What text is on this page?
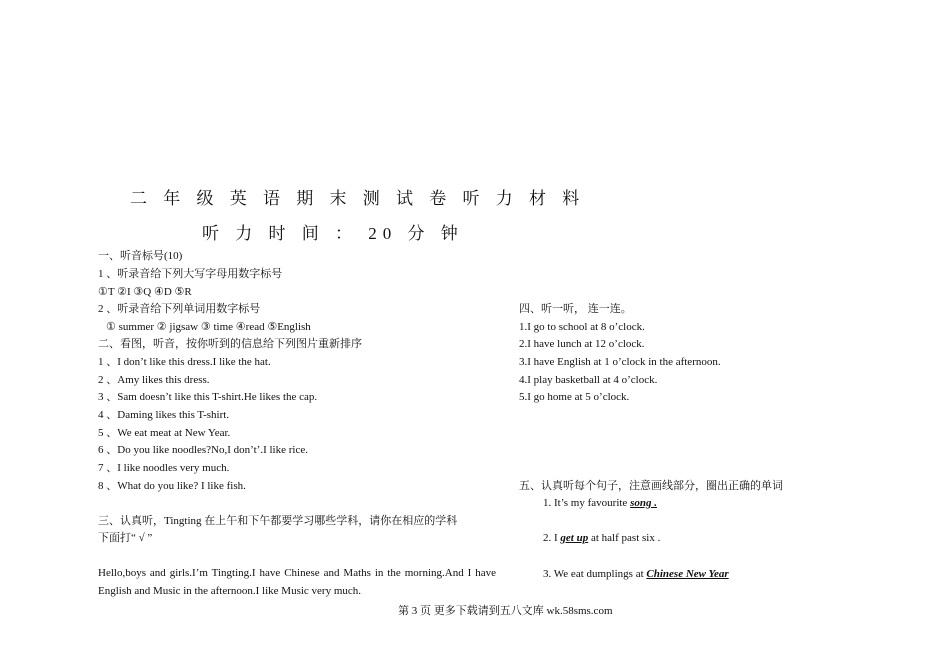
二 年 级 英 语 期 末 测 试 卷 听 力 材 料
听 力 时 间 ： 20 分 钟
一、听音标号(10)
1 、听录音给下列大写字母用数字标号
①T ②I ③Q ④D ⑤R
2 、听录音给下列单词用数字标号
① summer ② jigsaw ③ time ④read ⑤English
二、看图，听音，按你听到的信息给下列图片重新排序
1 、I don’t like this dress.I like the hat.
2 、Amy likes this dress.
3 、Sam doesn’t like this T-shirt.He likes the cap.
4 、Daming likes this T-shirt.
5 、We eat meat at New Year.
6 、Do you like noodles?No,I don’t’.I like rice.
7 、I like noodles very much.
8 、What do you like? I like fish.
三、认真听，Tingting 在上午和下午都要学习哪些学科，请你在相应的学科
下面打“ √ ”
Hello,boys and girls.I’m Tingting.I have Chinese and Maths in the morning.And I have English and Music in the afternoon.I like Music very much.
四、听一听， 连一连。
1.I go to school at 8 o’clock.
2.I have lunch at 12 o’clock.
3.I have English at 1 o’clock in the afternoon.
4.I play basketball at 4 o’clock.
5.I go home at 5 o’clock.
五、认真听每个句子，注意画线部分，圈出正确的单词
1. It’s my favourite song .
2. I get up at half past six .
3. We eat dumplings at Chinese New Year
第 3 页 更多下载请到五八文库 wk.58sms.com
